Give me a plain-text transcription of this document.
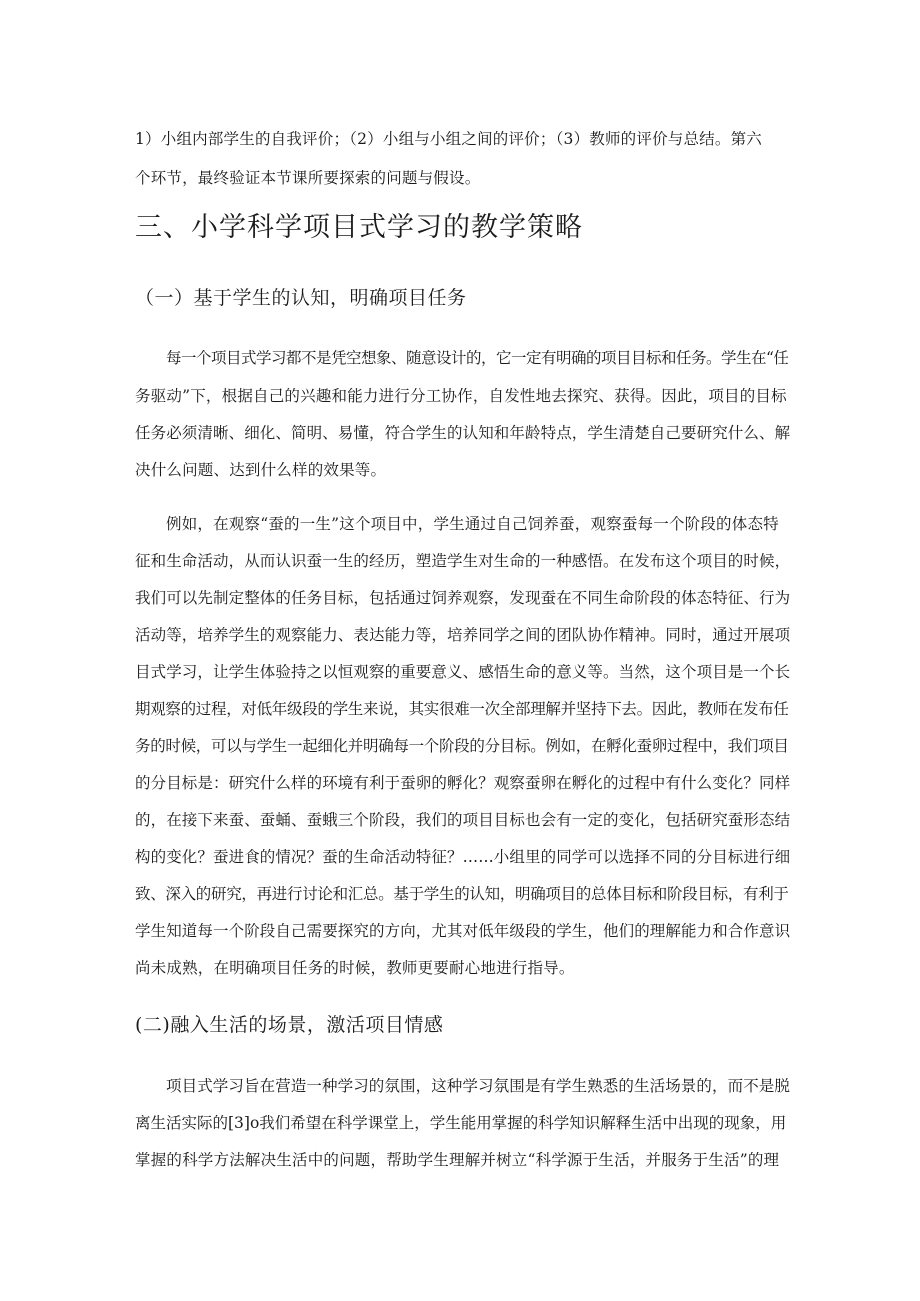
1）小组内部学生的自我评价；（2）小组与小组之间的评价；（3）教师的评价与总结。第六
个环节，最终验证本节课所要探索的问题与假设。
三、小学科学项目式学习的教学策略
（一）基于学生的认知，明确项目任务
每一个项目式学习都不是凭空想象、随意设计的，它一定有明确的项目目标和任务。学生在“任
务驱动”下，根据自己的兴趣和能力进行分工协作，自发性地去探究、获得。因此，项目的目标
任务必须清晰、细化、简明、易懂，符合学生的认知和年龄特点，学生清楚自己要研究什么、解
决什么问题、达到什么样的效果等。
例如，在观察“蚕的一生”这个项目中，学生通过自己饲养蚕，观察蚕每一个阶段的体态特
征和生命活动，从而认识蚕一生的经历，塑造学生对生命的一种感悟。在发布这个项目的时候，
我们可以先制定整体的任务目标，包括通过饲养观察，发现蚕在不同生命阶段的体态特征、行为
活动等，培养学生的观察能力、表达能力等，培养同学之间的团队协作精神。同时，通过开展项
目式学习，让学生体验持之以恒观察的重要意义、感悟生命的意义等。当然，这个项目是一个长
期观察的过程，对低年级段的学生来说，其实很难一次全部理解并坚持下去。因此，教师在发布任
务的时候，可以与学生一起细化并明确每一个阶段的分目标。例如，在孵化蚕卵过程中，我们项目
的分目标是：研究什么样的环境有利于蚕卵的孵化？观察蚕卵在孵化的过程中有什么变化？同样
的，在接下来蚕、蚕蛹、蚕蛾三个阶段，我们的项目目标也会有一定的变化，包括研究蚕形态结
构的变化？蚕进食的情况？蚕的生命活动特征？……小组里的同学可以选择不同的分目标进行细
致、深入的研究，再进行讨论和汇总。基于学生的认知，明确项目的总体目标和阶段目标，有利于
学生知道每一个阶段自己需要探究的方向，尤其对低年级段的学生，他们的理解能力和合作意识
尚未成熟，在明确项目任务的时候，教师更要耐心地进行指导。
(二)融入生活的场景，激活项目情感
项目式学习旨在营造一种学习的氛围，这种学习氛围是有学生熟悉的生活场景的，而不是脱
离生活实际的[3]o我们希望在科学课堂上，学生能用掌握的科学知识解释生活中出现的现象，用
掌握的科学方法解决生活中的问题，帮助学生理解并树立“科学源于生活，并服务于生活”的理
